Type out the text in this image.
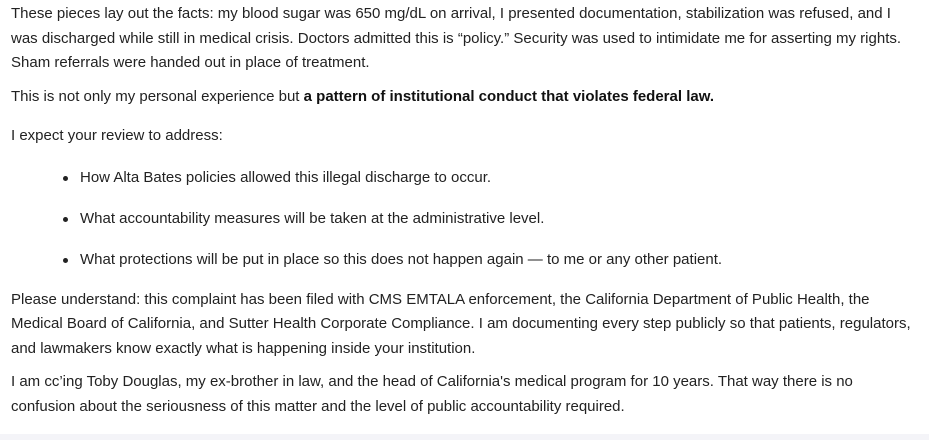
These pieces lay out the facts: my blood sugar was 650 mg/dL on arrival, I presented documentation, stabilization was refused, and I was discharged while still in medical crisis. Doctors admitted this is “policy.” Security was used to intimidate me for asserting my rights. Sham referrals were handed out in place of treatment.

This is not only my personal experience but a pattern of institutional conduct that violates federal law.

I expect your review to address:

How Alta Bates policies allowed this illegal discharge to occur.
What accountability measures will be taken at the administrative level.
What protections will be put in place so this does not happen again — to me or any other patient.

Please understand: this complaint has been filed with CMS EMTALA enforcement, the California Department of Public Health, the Medical Board of California, and Sutter Health Corporate Compliance. I am documenting every step publicly so that patients, regulators, and lawmakers know exactly what is happening inside your institution.

I am cc’ing Toby Douglas, my ex-brother in law, and the head of California's medical program for 10 years. That way there is no confusion about the seriousness of this matter and the level of public accountability required.
